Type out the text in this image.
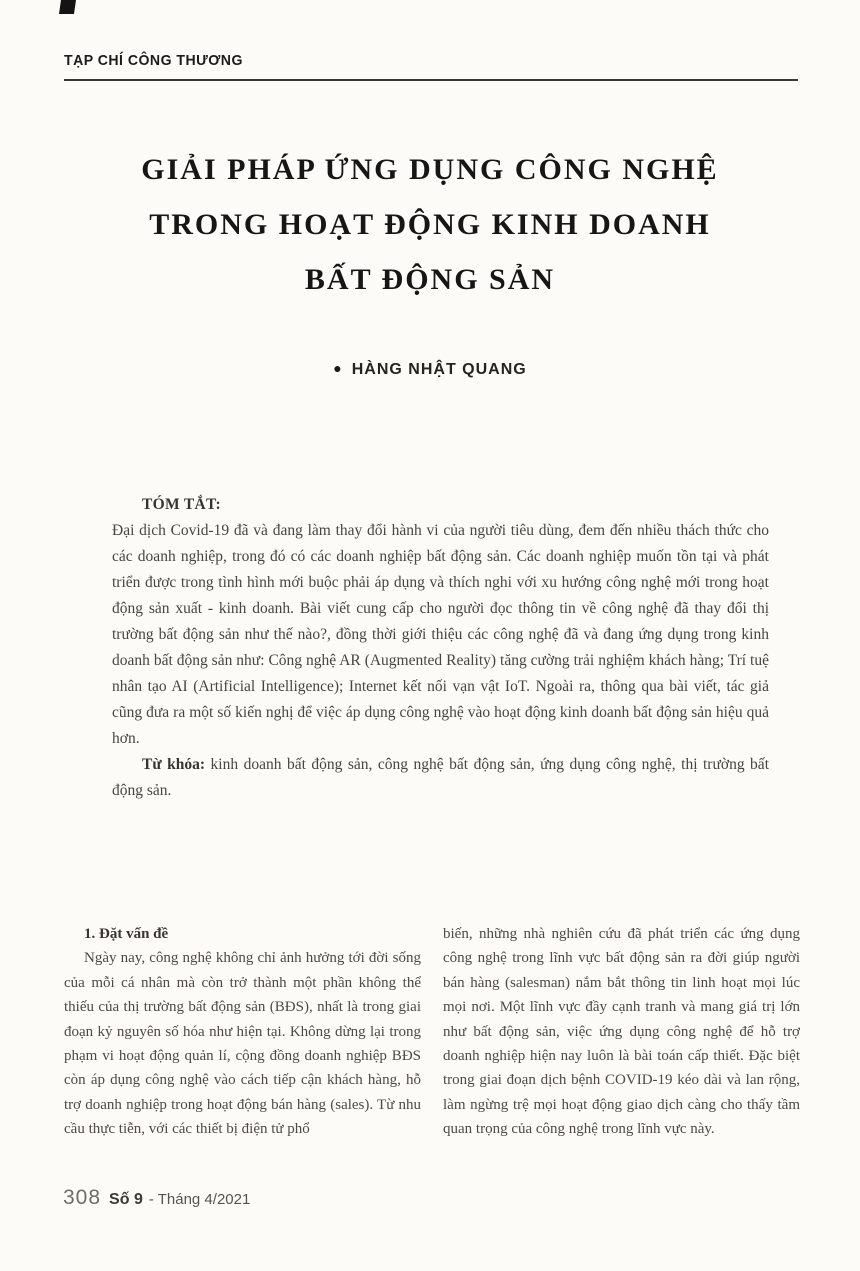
TẠP CHÍ CÔNG THƯƠNG
GIẢI PHÁP ỨNG DỤNG CÔNG NGHỆ
TRONG HOẠT ĐỘNG KINH DOANH
BẤT ĐỘNG SẢN
● HÀNG NHẬT QUANG

TÓM TẮT:

Đại dịch Covid-19 đã và đang làm thay đổi hành vi của người tiêu dùng, đem đến nhiều thách thức cho các doanh nghiệp, trong đó có các doanh nghiệp bất động sản. Các doanh nghiệp muốn tồn tại và phát triển được trong tình hình mới buộc phải áp dụng và thích nghi với xu hướng công nghệ mới trong hoạt động sản xuất - kinh doanh. Bài viết cung cấp cho người đọc thông tin về công nghệ đã thay đổi thị trường bất động sản như thế nào?, đồng thời giới thiệu các công nghệ đã và đang ứng dụng trong kinh doanh bất động sản như: Công nghệ AR (Augmented Reality) tăng cường trải nghiệm khách hàng; Trí tuệ nhân tạo AI (Artificial Intelligence); Internet kết nối vạn vật IoT. Ngoài ra, thông qua bài viết, tác giả cũng đưa ra một số kiến nghị để việc áp dụng công nghệ vào hoạt động kinh doanh bất động sản hiệu quả hơn.

Từ khóa: kinh doanh bất động sản, công nghệ bất động sản, ứng dụng công nghệ, thị trường bất động sản.

1. Đặt vấn đề

Ngày nay, công nghệ không chỉ ảnh hưởng tới đời sống của mỗi cá nhân mà còn trở thành một phần không thể thiếu của thị trường bất động sản (BĐS), nhất là trong giai đoạn kỷ nguyên số hóa như hiện tại. Không dừng lại trong phạm vi hoạt động quản lí, cộng đồng doanh nghiệp BĐS còn áp dụng công nghệ vào cách tiếp cận khách hàng, hỗ trợ doanh nghiệp trong hoạt động bán hàng (sales). Từ nhu cầu thực tiễn, với các thiết bị điện tử phổ

biến, những nhà nghiên cứu đã phát triển các ứng dụng công nghệ trong lĩnh vực bất động sản ra đời giúp người bán hàng (salesman) nắm bắt thông tin linh hoạt mọi lúc mọi nơi. Một lĩnh vực đầy cạnh tranh và mang giá trị lớn như bất động sản, việc ứng dụng công nghệ để hỗ trợ doanh nghiệp hiện nay luôn là bài toán cấp thiết. Đặc biệt trong giai đoạn dịch bệnh COVID-19 kéo dài và lan rộng, làm ngừng trệ mọi hoạt động giao dịch càng cho thấy tầm quan trọng của công nghệ trong lĩnh vực này.

308 Số 9 - Tháng 4/2021
